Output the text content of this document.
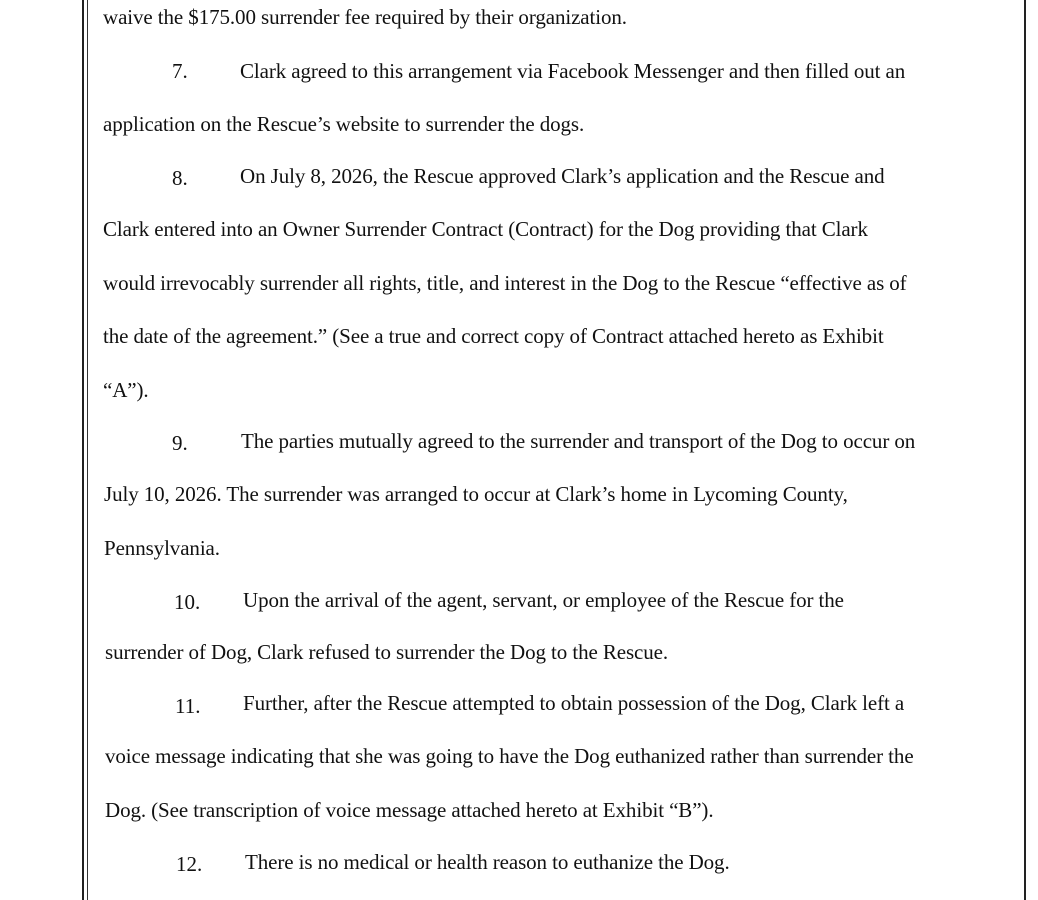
waive the $175.00 surrender fee required by their organization.
7. Clark agreed to this arrangement via Facebook Messenger and then filled out an
application on the Rescue’s website to surrender the dogs.
8. On July 8, 2026, the Rescue approved Clark’s application and the Rescue and
Clark entered into an Owner Surrender Contract (Contract) for the Dog providing that Clark
would irrevocably surrender all rights, title, and interest in the Dog to the Rescue “effective as of
the date of the agreement.” (See a true and correct copy of Contract attached hereto as Exhibit
“A”).
9.	The parties mutually agreed to the surrender and transport of the Dog to occur on
July 10, 2026. The surrender was arranged to occur at Clark’s home in Lycoming County,
Pennsylvania.
10. Upon the arrival of the agent, servant, or employee of the Rescue for the
surrender of Dog, Clark refused to surrender the Dog to the Rescue.
11. Further, after the Rescue attempted to obtain possession of the Dog, Clark left a
voice message indicating that she was going to have the Dog euthanized rather than surrender the
Dog. (See transcription of voice message attached hereto at Exhibit “B”).
12. There is no medical or health reason to euthanize the Dog.
